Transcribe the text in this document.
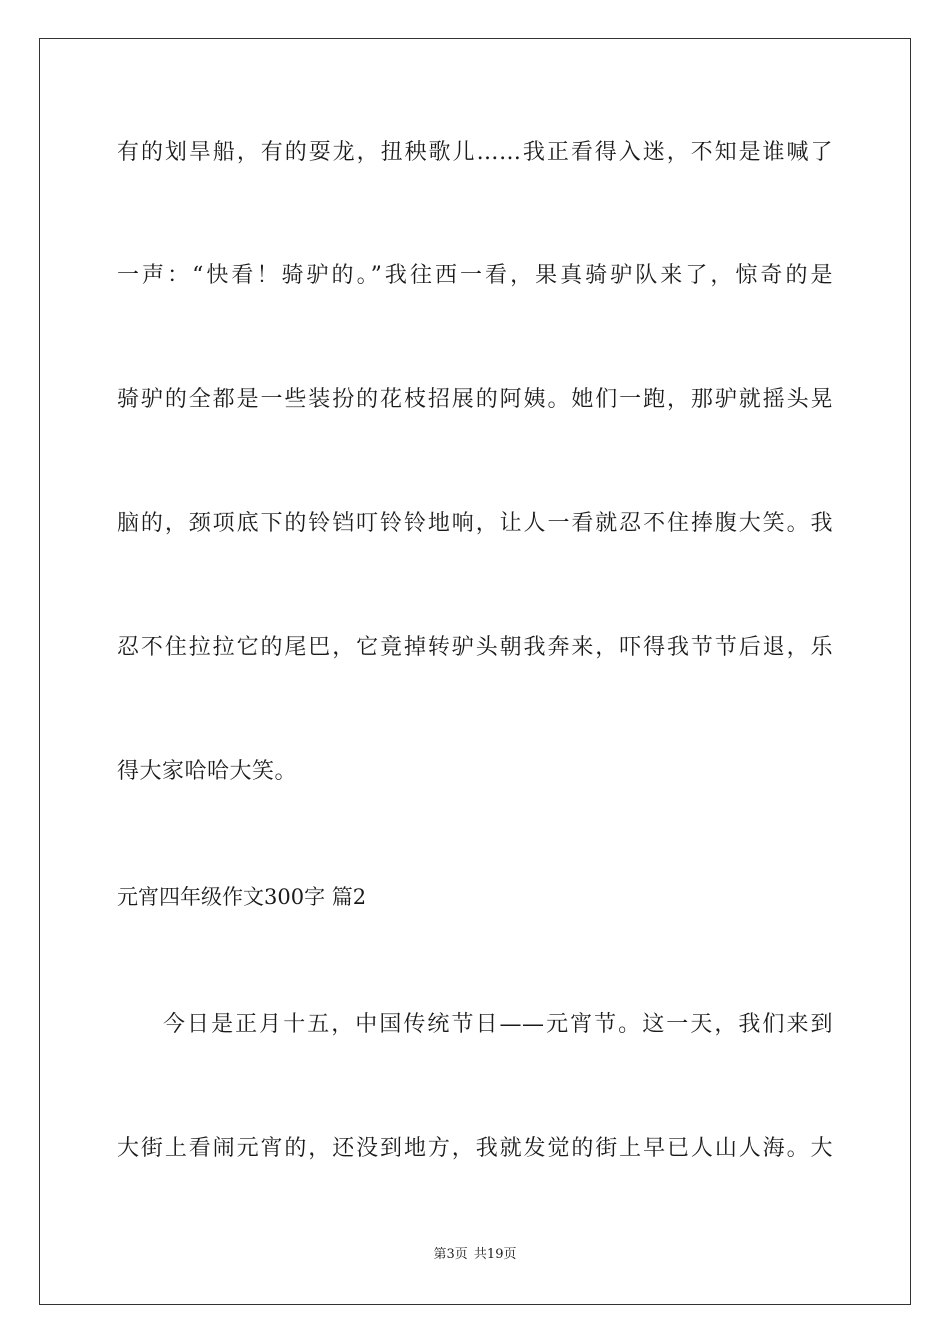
有的划旱船，有的耍龙，扭秧歌儿……我正看得入迷，不知是谁喊了
一声：“快看！骑驴的。”我往西一看，果真骑驴队来了，惊奇的是
骑驴的全都是一些装扮的花枝招展的阿姨。她们一跑，那驴就摇头晃
脑的，颈项底下的铃铛叮铃铃地响，让人一看就忍不住捧腹大笑。我
忍不住拉拉它的尾巴，它竟掉转驴头朝我奔来，吓得我节节后退，乐
得大家哈哈大笑。
元宵四年级作文300字 篇2
今日是正月十五，中国传统节日——元宵节。这一天，我们来到
大街上看闹元宵的，还没到地方，我就发觉的街上早已人山人海。大
第3页 共19页
